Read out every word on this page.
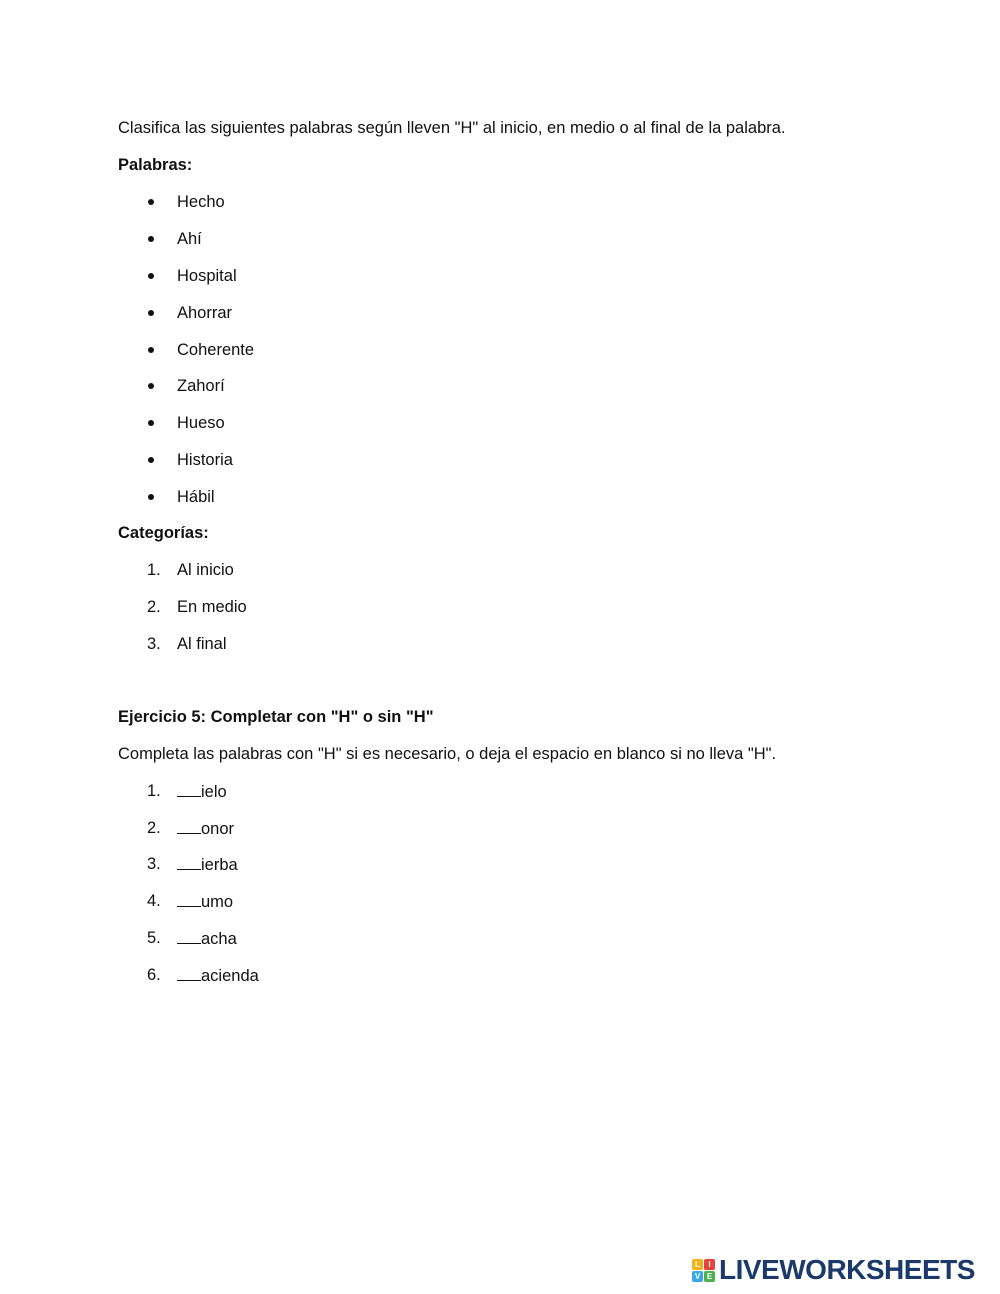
Clasifica las siguientes palabras según lleven "H" al inicio, en medio o al final de la palabra.
Palabras:
Hecho
Ahí
Hospital
Ahorrar
Coherente
Zahorí
Hueso
Historia
Hábil
Categorías:
1. Al inicio
2. En medio
3. Al final
Ejercicio 5: Completar con "H" o sin "H"
Completa las palabras con "H" si es necesario, o deja el espacio en blanco si no lleva "H".
1.	ielo
2.	onor
3.	ierba
4.	umo
5.	acha
6.	acienda
L	I
V E LIVEWORKSHEETS
